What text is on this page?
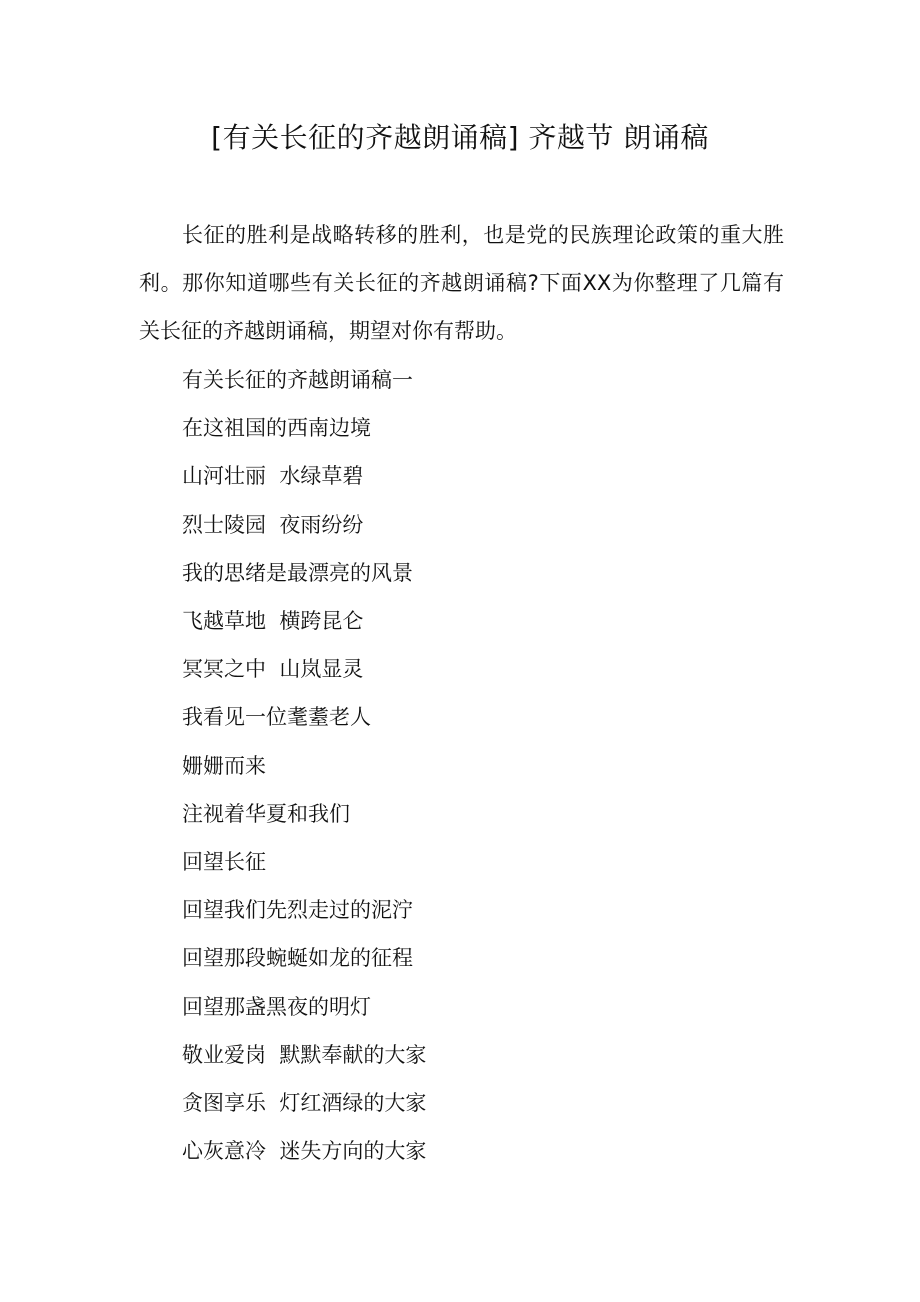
[有关长征的齐越朗诵稿] 齐越节 朗诵稿
长征的胜利是战略转移的胜利，也是党的民族理论政策的重大胜利。那你知道哪些有关长征的齐越朗诵稿?下面XX为你整理了几篇有关长征的齐越朗诵稿，期望对你有帮助。
有关长征的齐越朗诵稿一
在这祖国的西南边境
山河壮丽  水绿草碧
烈士陵园  夜雨纷纷
我的思绪是最漂亮的风景
飞越草地  横跨昆仑
冥冥之中  山岚显灵
我看见一位耄耋老人
姗姗而来
注视着华夏和我们
回望长征
回望我们先烈走过的泥泞
回望那段蜿蜒如龙的征程
回望那盏黑夜的明灯
敬业爱岗  默默奉献的大家
贪图享乐  灯红酒绿的大家
心灰意冷  迷失方向的大家
